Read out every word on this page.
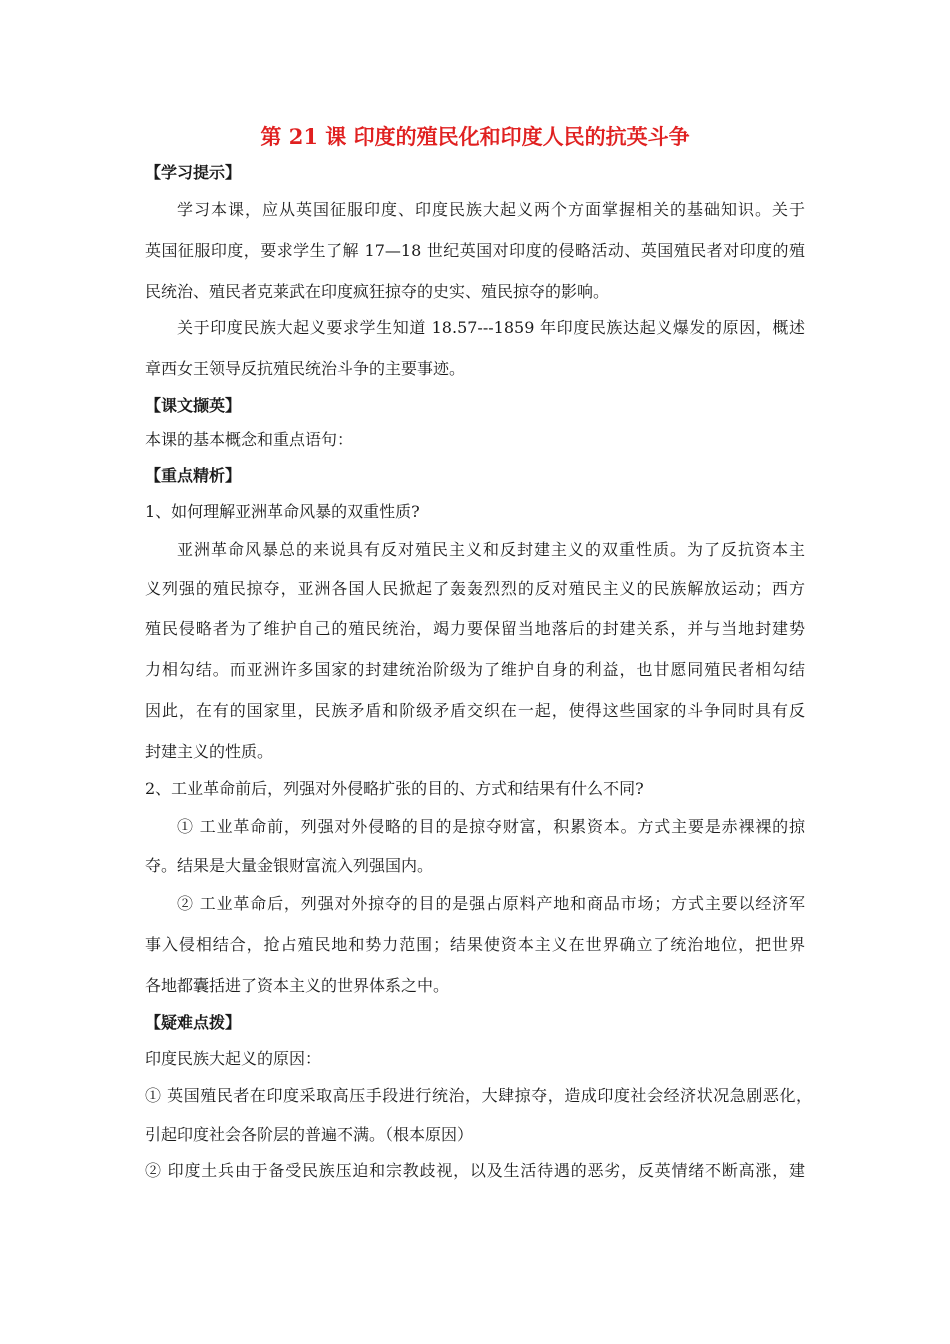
第 21 课 印度的殖民化和印度人民的抗英斗争
【学习提示】
学习本课，应从英国征服印度、印度民族大起义两个方面掌握相关的基础知识。关于
英国征服印度，要求学生了解 17—18 世纪英国对印度的侵略活动、英国殖民者对印度的殖
民统治、殖民者克莱武在印度疯狂掠夺的史实、殖民掠夺的影响。
关于印度民族大起义要求学生知道 18.57---1859 年印度民族达起义爆发的原因，概述
章西女王领导反抗殖民统治斗争的主要事迹。
【课文撷英】
本课的基本概念和重点语句：
【重点精析】
1、如何理解亚洲革命风暴的双重性质?
亚洲革命风暴总的来说具有反对殖民主义和反封建主义的双重性质。为了反抗资本主
义列强的殖民掠夺，亚洲各国人民掀起了轰轰烈烈的反对殖民主义的民族解放运动；西方
殖民侵略者为了维护自己的殖民统治，竭力要保留当地落后的封建关系，并与当地封建势
力相勾结。而亚洲许多国家的封建统治阶级为了维护自身的利益，也甘愿同殖民者相勾结
因此，在有的国家里，民族矛盾和阶级矛盾交织在一起，使得这些国家的斗争同时具有反
封建主义的性质。
2、工业革命前后，列强对外侵略扩张的目的、方式和结果有什么不同?
① 工业革命前，列强对外侵略的目的是掠夺财富，积累资本。方式主要是赤裸裸的掠
夺。结果是大量金银财富流入列强国内。
② 工业革命后，列强对外掠夺的目的是强占原料产地和商品市场；方式主要以经济军
事入侵相结合，抢占殖民地和势力范围；结果使资本主义在世界确立了统治地位，把世界
各地都囊括进了资本主义的世界体系之中。
【疑难点拨】
印度民族大起义的原因：
① 英国殖民者在印度采取高压手段进行统治，大肆掠夺，造成印度社会经济状况急剧恶化，
引起印度社会各阶层的普遍不满。（根本原因）
② 印度土兵由于备受民族压迫和宗教歧视，以及生活待遇的恶劣，反英情绪不断高涨，建
